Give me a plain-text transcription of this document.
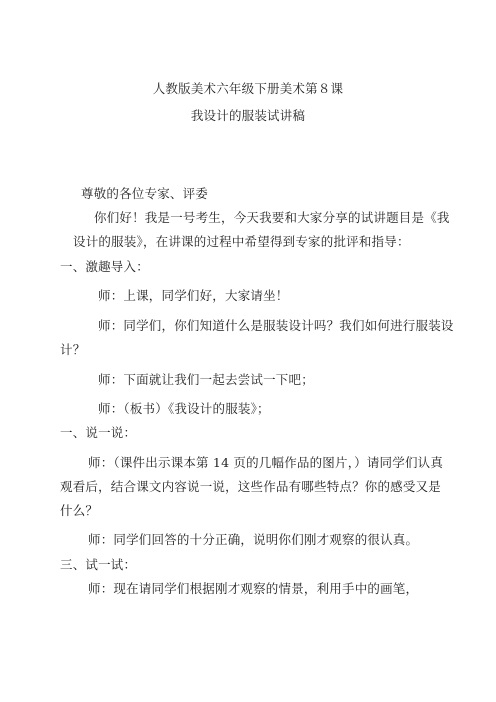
人教版美术六年级下册美术第８课
我设计的服装试讲稿
尊敬的各位专家、评委
你们好！我是一号考生，今天我要和大家分享的试讲题目是《我
设计的服装》，在讲课的过程中希望得到专家的批评和指导：
一、激趣导入：
师：上课，同学们好，大家请坐！
师：同学们，你们知道什么是服装设计吗？我们如何进行服装设
计？
师：下面就让我们一起去尝试一下吧；
师：（板书）《我设计的服装》；
一、说一说：
师：（课件出示课本第 14 页的几幅作品的图片，）请同学们认真
观看后，结合课文内容说一说，这些作品有哪些特点？你的感受又是
什么？
师：同学们回答的十分正确，说明你们刚才观察的很认真。
三、试一试：
师：现在请同学们根据刚才观察的情景，利用手中的画笔，
